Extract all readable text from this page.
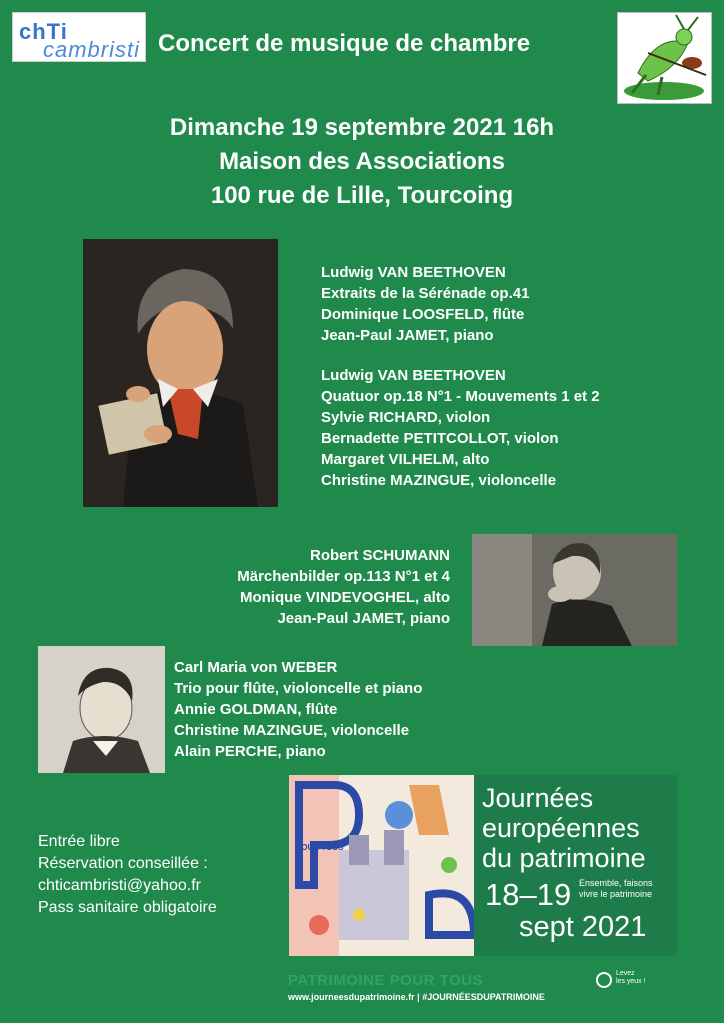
chTi
cambristi Concert de musique de chambre
Dimanche 19 septembre 2021 16h
Maison des Associations
100 rue de Lille, Tourcoing
Ludwig VAN BEETHOVEN
Extraits de la Sérénade op.41
Dominique LOOSFELD, flûte
Jean-Paul JAMET, piano
Ludwig VAN BEETHOVEN
Quatuor op.18 N°1 - Mouvements 1 et 2
Sylvie RICHARD, violon
Bernadette PETITCOLLOT, violon
Margaret VILHELM, alto
Christine MAZINGUE, violoncelle
Robert SCHUMANN
Märchenbilder op.113 N°1 et 4
Monique VINDEVOGHEL, alto
Jean-Paul JAMET, piano
Carl Maria von WEBER
Trio pour flûte, violoncelle et piano
Annie GOLDMAN, flûte
Christine MAZINGUE, violoncelle
Alain PERCHE, piano
Entrée libre
Réservation conseillée :
chticambristi@yahoo.fr
Pass sanitaire obligatoire
POUR TOUS
Journées
européennes
du patrimoine
Ensemble, faisons
vivre le patrimoine
18–19
sept 2021
PATRIMOINE POUR TOUS
www.journeesdupatrimoine.fr | #JOURNÉESDUPATRIMOINE
Levez
les yeux !
